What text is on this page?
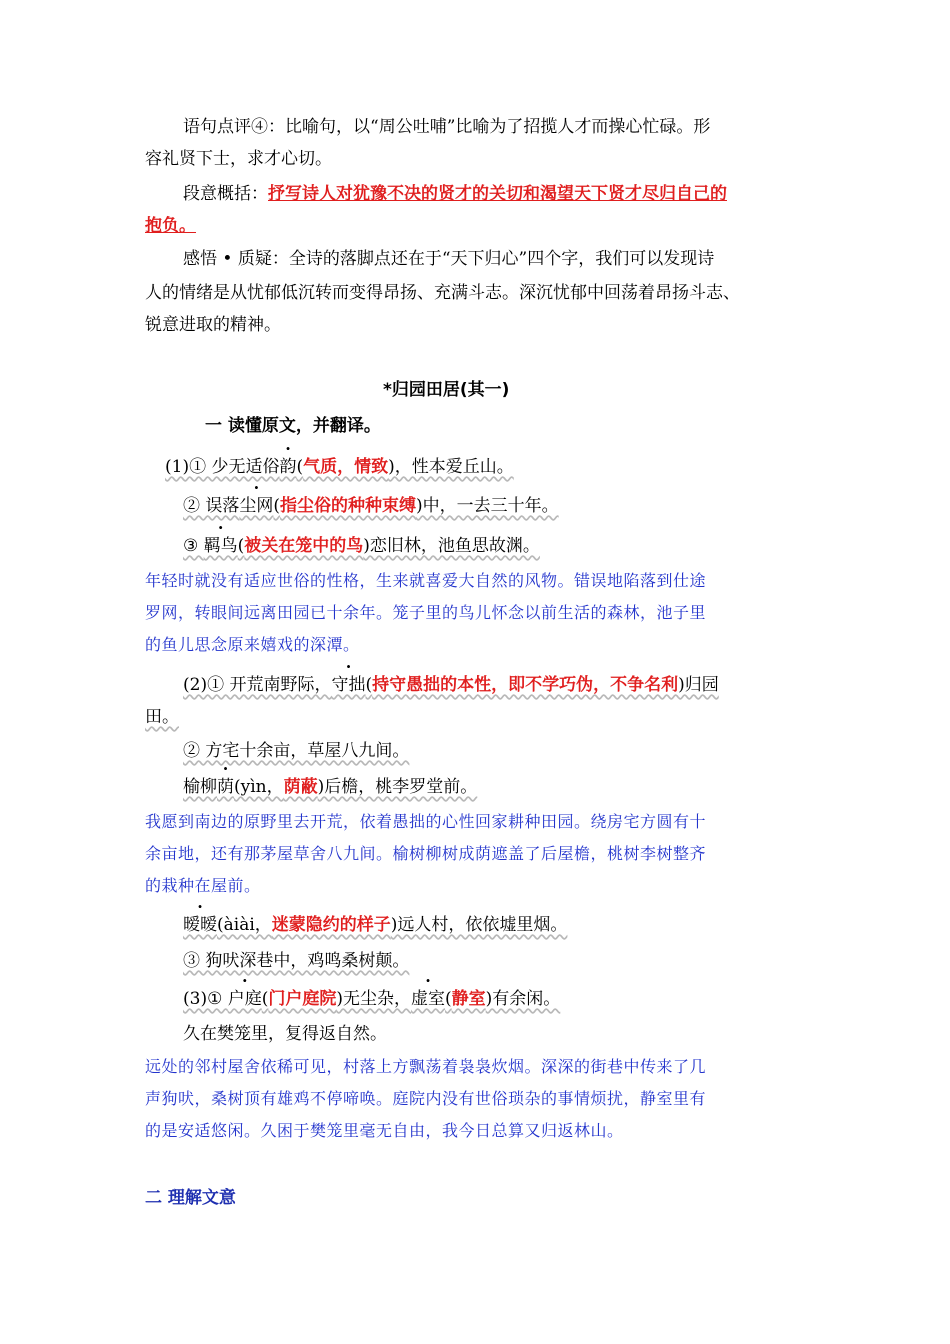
语句点评④：比喻句，以“周公吐哺”比喻为了招揽人才而操心忙碌。形
容礼贤下士，求才心切。
段意概括：抒写诗人对犹豫不决的贤才的关切和渴望天下贤才尽归自己的
抱负。
感悟 • 质疑：全诗的落脚点还在于“天下归心”四个字，我们可以发现诗
人的情绪是从忧郁低沉转而变得昂扬、充满斗志。深沉忧郁中回荡着昂扬斗志、
锐意进取的精神。
*归园田居(其一)
一 读懂原文，并翻译。
(1)① 少无适俗韵(气质，情致)，性本爱丘山。
② 误落尘网(指尘俗的种种束缚)中，一去三十年。
③ 羁鸟(被关在笼中的鸟)恋旧林，池鱼思故渊。
年轻时就没有适应世俗的性格，生来就喜爱大自然的风物。错误地陷落到仕途
罗网，转眼间远离田园已十余年。笼子里的鸟儿怀念以前生活的森林，池子里
的鱼儿思念原来嬉戏的深潭。
(2)① 开荒南野际，守拙(持守愚拙的本性，即不学巧伪，不争名利)归园
田。
② 方宅十余亩，草屋八九间。
榆柳荫(yìn，荫蔽)后檐，桃李罗堂前。
我愿到南边的原野里去开荒，依着愚拙的心性回家耕种田园。绕房宅方圆有十
余亩地，还有那茅屋草舍八九间。榆树柳树成荫遮盖了后屋檐，桃树李树整齐
的栽种在屋前。
暧暧(àiài，迷蒙隐约的样子)远人村，依依墟里烟。
③ 狗吠深巷中，鸡鸣桑树颠。
(3)① 户庭(门户庭院)无尘杂，虚室(静室)有余闲。
久在樊笼里，复得返自然。
远处的邻村屋舍依稀可见，村落上方飘荡着袅袅炊烟。深深的街巷中传来了几
声狗吠，桑树顶有雄鸡不停啼唤。庭院内没有世俗琐杂的事情烦扰，静室里有
的是安适悠闲。久困于樊笼里毫无自由，我今日总算又归返林山。
二 理解文意
